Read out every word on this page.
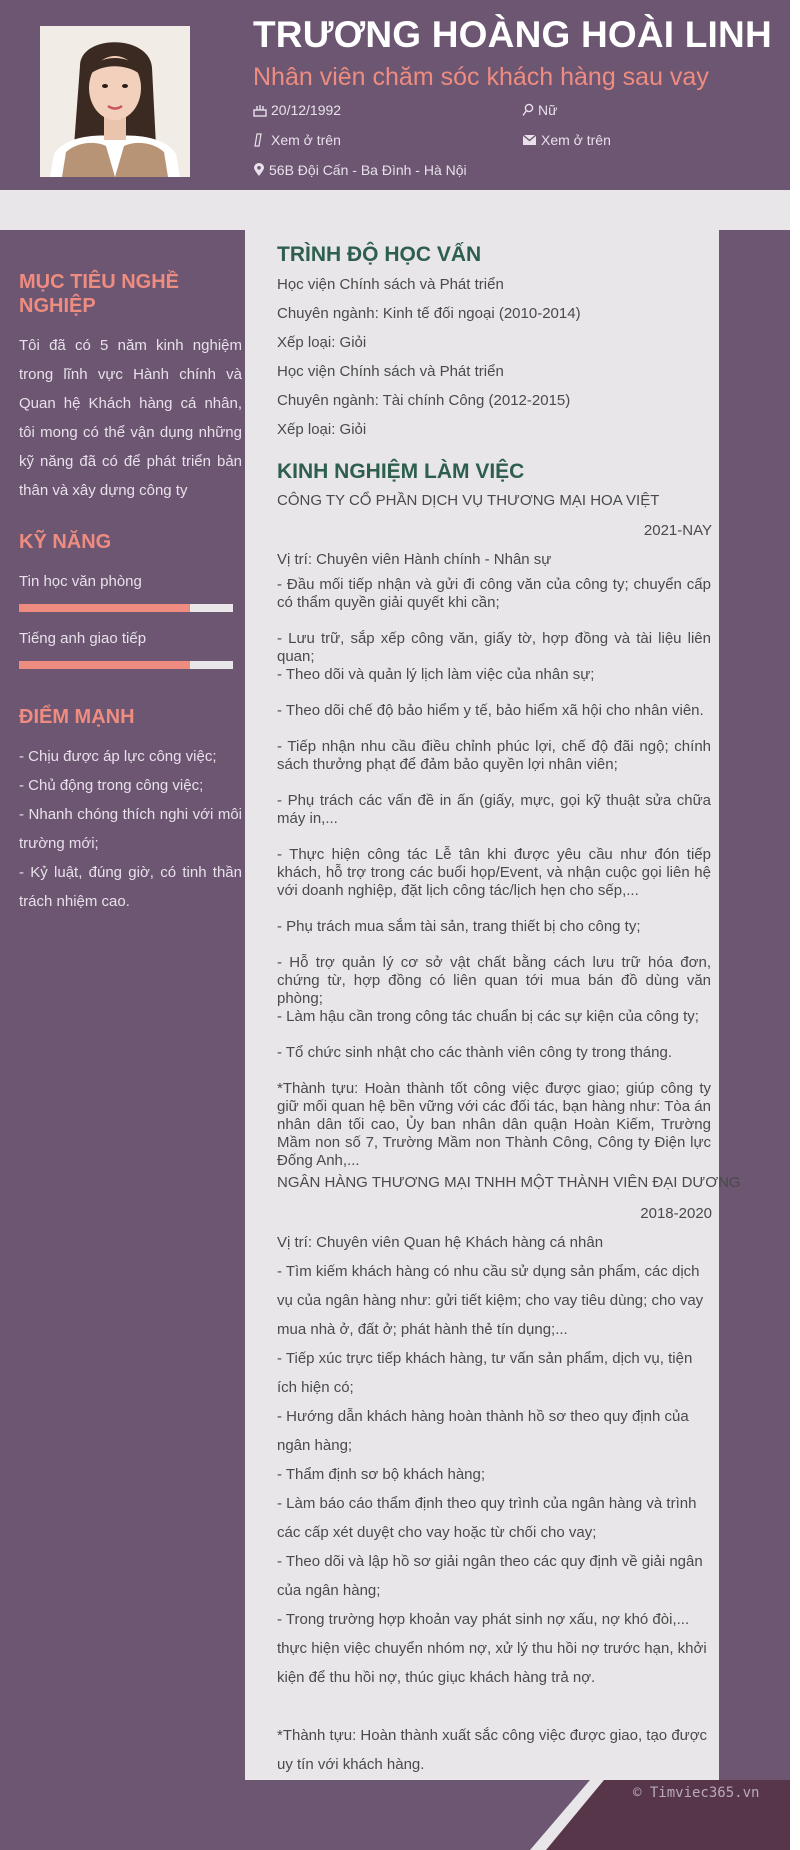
TRƯƠNG HOÀNG HOÀI LINH
Nhân viên chăm sóc khách hàng sau vay
20/12/1992	Nữ
Xem ở trên	Xem ở trên
56B Đội Cấn - Ba Đình - Hà Nội
MỤC TIÊU NGHỀ NGHIỆP
Tôi đã có 5 năm kinh nghiệm trong lĩnh vực Hành chính và Quan hệ Khách hàng cá nhân, tôi mong có thể vận dụng những kỹ năng đã có để phát triển bản thân và xây dựng công ty
KỸ NĂNG
Tin học văn phòng
Tiếng anh giao tiếp
ĐIỂM MẠNH
- Chịu được áp lực công việc;
- Chủ động trong công việc;
- Nhanh chóng thích nghi với môi trường mới;
- Kỷ luật, đúng giờ, có tinh thần trách nhiệm cao.
TRÌNH ĐỘ HỌC VẤN
Học viện Chính sách và Phát triển
Chuyên ngành: Kinh tế đối ngoại (2010-2014)
Xếp loại: Giỏi
Học viện Chính sách và Phát triển
Chuyên ngành: Tài chính Công (2012-2015)
Xếp loại: Giỏi
KINH NGHIỆM LÀM VIỆC
CÔNG TY CỔ PHẦN DỊCH VỤ THƯƠNG MẠI HOA VIỆT
2021-NAY
Vị trí: Chuyên viên Hành chính - Nhân sự
- Đầu mối tiếp nhận và gửi đi công văn của công ty; chuyển cấp có thẩm quyền giải quyết khi cần;
- Lưu trữ, sắp xếp công văn, giấy tờ, hợp đồng và tài liệu liên quan;
- Theo dõi và quản lý lịch làm việc của nhân sự;
- Theo dõi chế độ bảo hiểm y tế, bảo hiểm xã hội cho nhân viên.
- Tiếp nhận nhu cầu điều chỉnh phúc lợi, chế độ đãi ngộ; chính sách thưởng phạt để đảm bảo quyền lợi nhân viên;
- Phụ trách các vấn đề in ấn (giấy, mực, gọi kỹ thuật sửa chữa máy in,...
- Thực hiện công tác Lễ tân khi được yêu cầu như đón tiếp khách, hỗ trợ trong các buổi họp/Event, và nhận cuộc gọi liên hệ với doanh nghiệp, đặt lịch công tác/lịch hẹn cho sếp,...
- Phụ trách mua sắm tài sản, trang thiết bị cho công ty;
- Hỗ trợ quản lý cơ sở vật chất bằng cách lưu trữ hóa đơn, chứng từ, hợp đồng có liên quan tới mua bán đồ dùng văn phòng;
- Làm hậu cần trong công tác chuẩn bị các sự kiện của công ty;
- Tổ chức sinh nhật cho các thành viên công ty trong tháng.
*Thành tựu: Hoàn thành tốt công việc được giao; giúp công ty giữ mối quan hệ bền vững với các đối tác, bạn hàng như: Tòa án nhân dân tối cao, Ủy ban nhân dân quận Hoàn Kiếm, Trường Mầm non số 7, Trường Mầm non Thành Công, Công ty Điện lực Đống Anh,...
NGÂN HÀNG THƯƠNG MẠI TNHH MỘT THÀNH VIÊN ĐẠI DƯƠNG
2018-2020
Vị trí: Chuyên viên Quan hệ Khách hàng cá nhân
- Tìm kiếm khách hàng có nhu cầu sử dụng sản phẩm, các dịch vụ của ngân hàng như: gửi tiết kiệm; cho vay tiêu dùng; cho vay mua nhà ở, đất ở; phát hành thẻ tín dụng;...
- Tiếp xúc trực tiếp khách hàng, tư vấn sản phẩm, dịch vụ, tiện ích hiện có;
- Hướng dẫn khách hàng hoàn thành hồ sơ theo quy định của ngân hàng;
- Thẩm định sơ bộ khách hàng;
- Làm báo cáo thẩm định theo quy trình của ngân hàng và trình các cấp xét duyệt cho vay hoặc từ chối cho vay;
- Theo dõi và lập hồ sơ giải ngân theo các quy định về giải ngân của ngân hàng;
- Trong trường hợp khoản vay phát sinh nợ xấu, nợ khó đòi,... thực hiện việc chuyển nhóm nợ, xử lý thu hồi nợ trước hạn, khởi kiện để thu hồi nợ, thúc giục khách hàng trả nợ.
*Thành tựu: Hoàn thành xuất sắc công việc được giao, tạo được uy tín với khách hàng.
© Timviec365.vn
